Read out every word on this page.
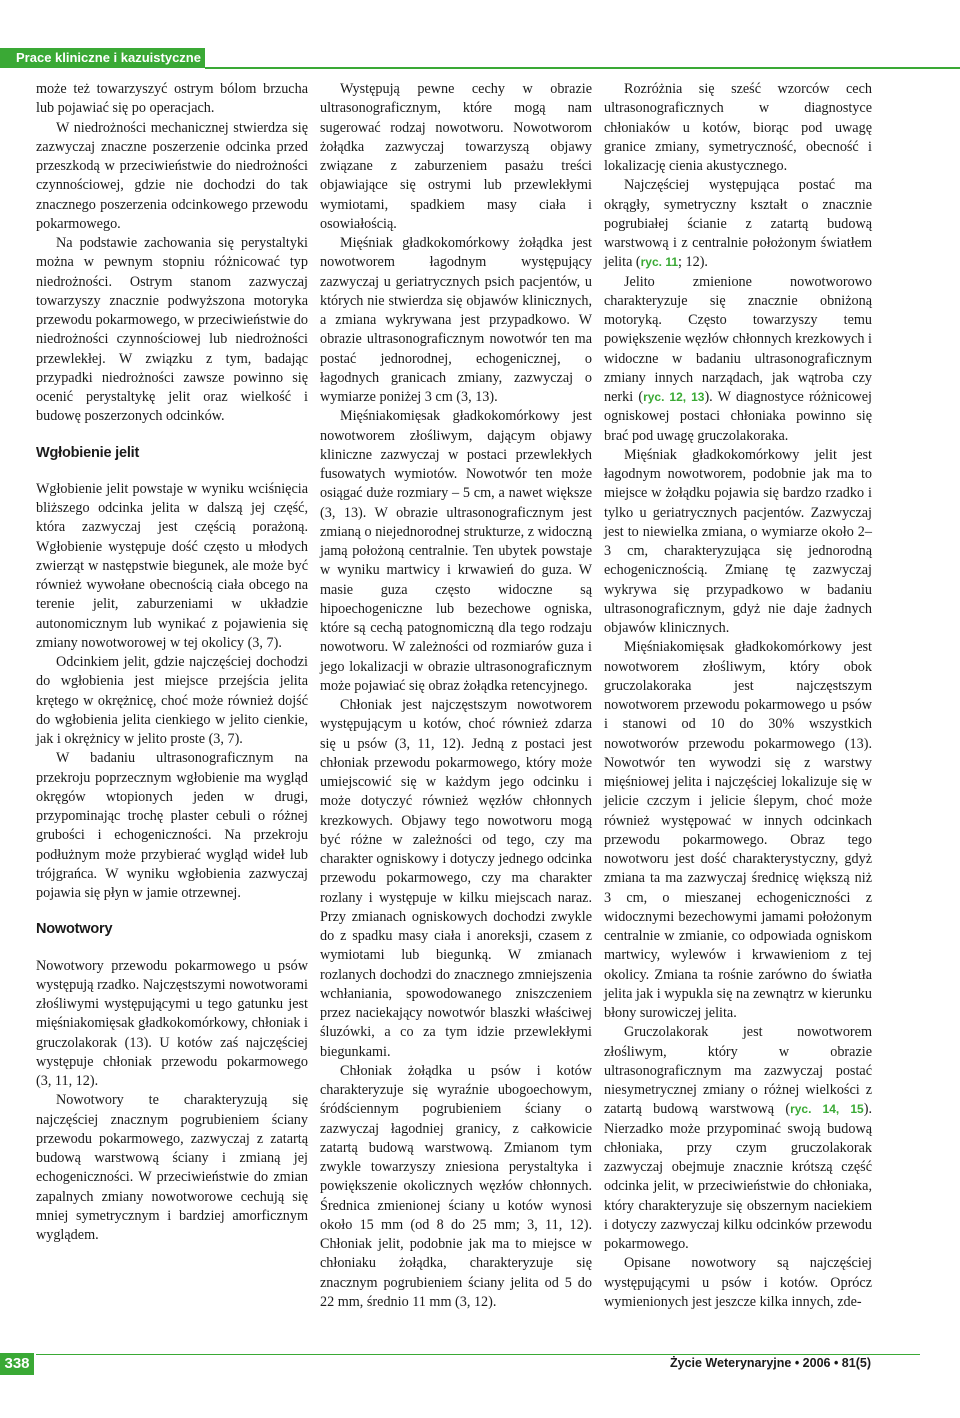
Prace kliniczne i kazuistyczne

może też towarzyszyć ostrym bólom brzucha lub pojawiać się po operacjach.

W niedrożności mechanicznej stwierdza się zazwyczaj znaczne poszerzenie odcinka przed przeszkodą w przeciwieństwie do niedrożności czynnościowej, gdzie nie dochodzi do tak znacznego poszerzenia odcinkowego przewodu pokarmowego.

Na podstawie zachowania się perystaltyki można w pewnym stopniu różnicować typ niedrożności. Ostrym stanom zazwyczaj towarzyszy znacznie podwyższona motoryka przewodu pokarmowego, w przeciwieństwie do niedrożności czynnościowej lub niedrożności przewlekłej. W związku z tym, badając przypadki niedrożności zawsze powinno się ocenić perystaltykę jelit oraz wielkość i budowę poszerzonych odcinków.

Wgłobienie jelit

Wgłobienie jelit powstaje w wyniku wciśnięcia bliższego odcinka jelita w dalszą jej część, która zazwyczaj jest częścią porażoną. Wgłobienie występuje dość często u młodych zwierząt w następstwie biegunek, ale może być również wywołane obecnością ciała obcego na terenie jelit, zaburzeniami w układzie autonomicznym lub wynikać z pojawienia się zmiany nowotworowej w tej okolicy (3, 7).

Odcinkiem jelit, gdzie najczęściej dochodzi do wgłobienia jest miejsce przejścia jelita krętego w okrężnicę, choć może również dojść do wgłobienia jelita cienkiego w jelito cienkie, jak i okrężnicy w jelito proste (3, 7).

W badaniu ultrasonograficznym na przekroju poprzecznym wgłobienie ma wygląd okręgów wtopionych jeden w drugi, przypominając trochę plaster cebuli o różnej grubości i echogeniczności. Na przekroju podłużnym może przybierać wygląd wideł lub trójgrańca. W wyniku wgłobienia zazwyczaj pojawia się płyn w jamie otrzewnej.

Nowotwory

Nowotwory przewodu pokarmowego u psów występują rzadko. Najczęstszymi nowotworami złośliwymi występującymi u tego gatunku jest mięśniakomięsak gładkokomórkowy, chłoniak i gruczolakorak (13). U kotów zaś najczęściej występuje chłoniak przewodu pokarmowego (3, 11, 12).

Nowotwory te charakteryzują się najczęściej znacznym pogrubieniem ściany przewodu pokarmowego, zazwyczaj z zatartą budową warstwową ściany i zmianą jej echogeniczności. W przeciwieństwie do zmian zapalnych zmiany nowotworowe cechują się mniej symetrycznym i bardziej amorficznym wyglądem.

Występują pewne cechy w obrazie ultrasonograficznym, które mogą nam sugerować rodzaj nowotworu. Nowotworom żołądka zazwyczaj towarzyszą objawy związane z zaburzeniem pasażu treści objawiające się ostrymi lub przewlekłymi wymiotami, spadkiem masy ciała i osowiałością.

Mięśniak gładkokomórkowy żołądka jest nowotworem łagodnym występujący zazwyczaj u geriatrycznych psich pacjentów, u których nie stwierdza się objawów klinicznych, a zmiana wykrywana jest przypadkowo. W obrazie ultrasonograficznym nowotwór ten ma postać jednorodnej, echogenicznej, o łagodnych granicach zmiany, zazwyczaj o wymiarze poniżej 3 cm (3, 13).

Mięśniakomięsak gładkokomórkowy jest nowotworem złośliwym, dającym objawy kliniczne zazwyczaj w postaci przewlekłych fusowatych wymiotów. Nowotwór ten może osiągać duże rozmiary – 5 cm, a nawet większe (3, 13). W obrazie ultrasonograficznym jest zmianą o niejednorodnej strukturze, z widoczną jamą położoną centralnie. Ten ubytek powstaje w wyniku martwicy i krwawień do guza. W masie guza często widoczne są hipoechogeniczne lub bezechowe ogniska, które są cechą patognomiczną dla tego rodzaju nowotworu. W zależności od rozmiarów guza i jego lokalizacji w obrazie ultrasonograficznym może pojawiać się obraz żołądka retencyjnego.

Chłoniak jest najczęstszym nowotworem występującym u kotów, choć również zdarza się u psów (3, 11, 12). Jedną z postaci jest chłoniak przewodu pokarmowego, który może umiejscowić się w każdym jego odcinku i może dotyczyć również węzłów chłonnych krezkowych. Objawy tego nowotworu mogą być różne w zależności od tego, czy ma charakter ogniskowy i dotyczy jednego odcinka przewodu pokarmowego, czy ma charakter rozlany i występuje w kilku miejscach naraz. Przy zmianach ogniskowych dochodzi zwykle do z spadku masy ciała i anoreksji, czasem z wymiotami lub biegunką. W zmianach rozlanych dochodzi do znacznego zmniejszenia wchłaniania, spowodowanego zniszczeniem przez naciekający nowotwór blaszki właściwej śluzówki, a co za tym idzie przewlekłymi biegunkami.

Chłoniak żołądka u psów i kotów charakteryzuje się wyraźnie ubogoechowym, śródściennym pogrubieniem ściany o zazwyczaj łagodniej granicy, z całkowicie zatartą budową warstwową. Zmianom tym zwykle towarzyszy zniesiona perystaltyka i powiększenie okolicznych węzłów chłonnych. Średnica zmienionej ściany u kotów wynosi około 15 mm (od 8 do 25 mm; 3, 11, 12). Chłoniak jelit, podobnie jak ma to miejsce w chłoniaku żołądka, charakteryzuje się znacznym pogrubieniem ściany jelita od 5 do 22 mm, średnio 11 mm (3, 12).

Rozróżnia się sześć wzorców cech ultrasonograficznych w diagnostyce chłoniaków u kotów, biorąc pod uwagę granice zmiany, symetryczność, obecność i lokalizację cienia akustycznego.

Najczęściej występująca postać ma okrągły, symetryczny kształt o znacznie pogrubiałej ścianie z zatartą budową warstwową i z centralnie położonym światłem jelita (ryc. 11; 12).

Jelito zmienione nowotworowo charakteryzuje się znacznie obniżoną motoryką. Często towarzyszy temu powiększenie węzłów chłonnych krezkowych i widoczne w badaniu ultrasonograficznym zmiany innych narządach, jak wątroba czy nerki (ryc. 12, 13). W diagnostyce różnicowej ogniskowej postaci chłoniaka powinno się brać pod uwagę gruczolakoraka.

Mięśniak gładkokomórkowy jelit jest łagodnym nowotworem, podobnie jak ma to miejsce w żołądku pojawia się bardzo rzadko i tylko u geriatrycznych pacjentów. Zazwyczaj jest to niewielka zmiana, o wymiarze około 2–3 cm, charakteryzująca się jednorodną echogenicznością. Zmianę tę zazwyczaj wykrywa się przypadkowo w badaniu ultrasonograficznym, gdyż nie daje żadnych objawów klinicznych.

Mięśniakomięsak gładkokomórkowy jest nowotworem złośliwym, który obok gruczolakoraka jest najczęstszym nowotworem przewodu pokarmowego u psów i stanowi od 10 do 30% wszystkich nowotworów przewodu pokarmowego (13). Nowotwór ten wywodzi się z warstwy mięśniowej jelita i najczęściej lokalizuje się w jelicie czczym i jelicie ślepym, choć może również występować w innych odcinkach przewodu pokarmowego. Obraz tego nowotworu jest dość charakterystyczny, gdyż zmiana ta ma zazwyczaj średnicę większą niż 3 cm, o mieszanej echogeniczności z widocznymi bezechowymi jamami położonym centralnie w zmianie, co odpowiada ogniskom martwicy, wylewów i krwawieniom z tej okolicy. Zmiana ta rośnie zarówno do światła jelita jak i wypukla się na zewnątrz w kierunku błony surowiczej jelita.

Gruczolakorak jest nowotworem złośliwym, który w obrazie ultrasonograficznym ma zazwyczaj postać niesymetrycznej zmiany o różnej wielkości z zatartą budową warstwową (ryc. 14, 15). Nierzadko może przypominać swoją budową chłoniaka, przy czym gruczolakorak zazwyczaj obejmuje znacznie krótszą część odcinka jelit, w przeciwieństwie do chłoniaka, który charakteryzuje się obszernym naciekiem i dotyczy zazwyczaj kilku odcinków przewodu pokarmowego.

Opisane nowotwory są najczęściej występującymi u psów i kotów. Oprócz wymienionych jest jeszcze kilka innych, zde-

338	Życie Weterynaryjne • 2006 • 81(5)
